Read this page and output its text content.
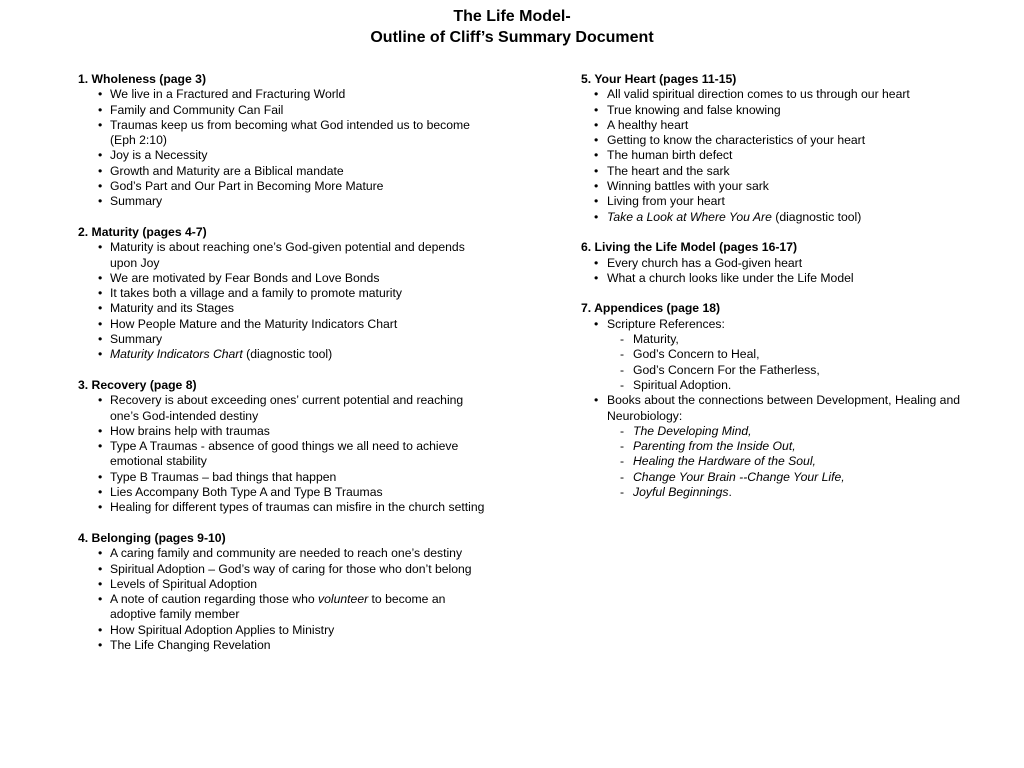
The Life Model-
Outline of Cliff’s Summary Document
1. Wholeness (page 3)
• We live in a Fractured and Fracturing World
• Family and Community Can Fail
• Traumas keep us from becoming what God intended us to become (Eph 2:10)
• Joy is a Necessity
• Growth and Maturity are a Biblical mandate
• God’s Part and Our Part in Becoming More Mature
• Summary
2. Maturity (pages 4-7)
• Maturity is about reaching one’s God-given potential and depends upon Joy
• We are motivated by Fear Bonds and Love Bonds
• It takes both a village and a family to promote maturity
• Maturity and its Stages
• How People Mature and the Maturity Indicators Chart
• Summary
• Maturity Indicators Chart (diagnostic tool)
3. Recovery (page 8)
• Recovery is about exceeding ones’ current potential and reaching one’s God-intended destiny
• How brains help with traumas
• Type A Traumas - absence of good things we all need to achieve emotional stability
• Type B Traumas – bad things that happen
• Lies Accompany Both Type A and Type B Traumas
• Healing for different types of traumas can misfire in the church setting
4. Belonging (pages 9-10)
• A caring family and community are needed to reach one’s destiny
• Spiritual Adoption – God’s way of caring for those who don’t belong
• Levels of Spiritual Adoption
• A note of caution regarding those who volunteer to become an adoptive family member
• How Spiritual Adoption Applies to Ministry
• The Life Changing Revelation
5. Your Heart (pages 11-15)
• All valid spiritual direction comes to us through our heart
• True knowing and false knowing
• A healthy heart
• Getting to know the characteristics of your heart
• The human birth defect
• The heart and the sark
• Winning battles with your sark
• Living from your heart
• Take a Look at Where You Are (diagnostic tool)
6. Living the Life Model (pages 16-17)
• Every church has a God-given heart
• What a church looks like under the Life Model
7. Appendices (page 18)
• Scripture References:
- Maturity,
- God’s Concern to Heal,
- God’s Concern For the Fatherless,
- Spiritual Adoption.
• Books about the connections between Development, Healing and Neurobiology:
- The Developing Mind,
- Parenting from the Inside Out,
- Healing the Hardware of the Soul,
- Change Your Brain --Change Your Life,
- Joyful Beginnings.
